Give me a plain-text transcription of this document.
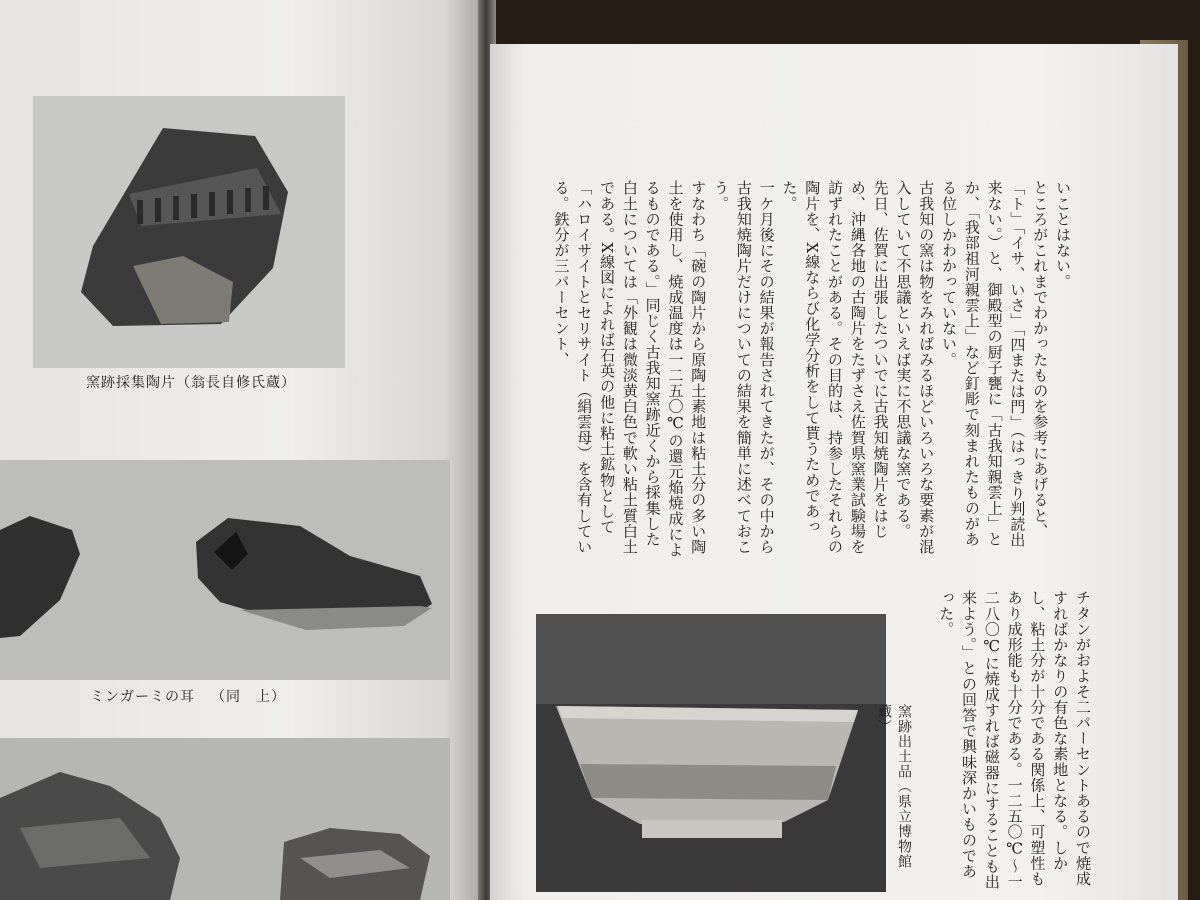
窯跡採集陶片（翁長自修氏蔵）
ミンガーミの耳 （同　上）
いことはない。
ところがこれまでわかったものを参考にあげると、「ト」「イサ、いさ」「四または門」（はっきり判読出来ない。）と、御殿型の厨子甕に「古我知親雲上」とか、「我部祖河親雲上」など釘彫で刻まれたものがある位しかわかっていない。
古我知の窯は物をみればみるほどいろいろな要素が混入していて不思議といえば実に不思議な窯である。
先日、佐賀に出張したついでに古我知焼陶片をはじめ、沖縄各地の古陶片をたずさえ佐賀県窯業試験場を訪ずれたことがある。その目的は、持参したそれらの陶片を、X線ならび化学分析をして貰うためであった。
一ケ月後にその結果が報告されてきたが、その中から古我知焼陶片だけについての結果を簡単に述べておこう。
すなわち「碗の陶片から原陶土素地は粘土分の多い陶土を使用し、焼成温度は一二五〇℃の還元焔焼成によるものである。」同じく古我知窯跡近くから採集した白土については「外観は微淡黄白色で軟い粘土質白土である。X線図によれば石英の他に粘土鉱物として「ハロイサイトとセリサイト（絹雲母）を含有している。鉄分が三パーセント、
窯跡出土品（県立博物館蔵）	チタンがおよそ二パーセントあるので焼成すればかなりの有色な素地となる。しかし、粘土分が十分である関係上、可塑性もあり成形能も十分である。一二五〇℃〜一二八〇℃に焼成すれば磁器にすることも出来よう。」との回答で興味深かいものであった。
